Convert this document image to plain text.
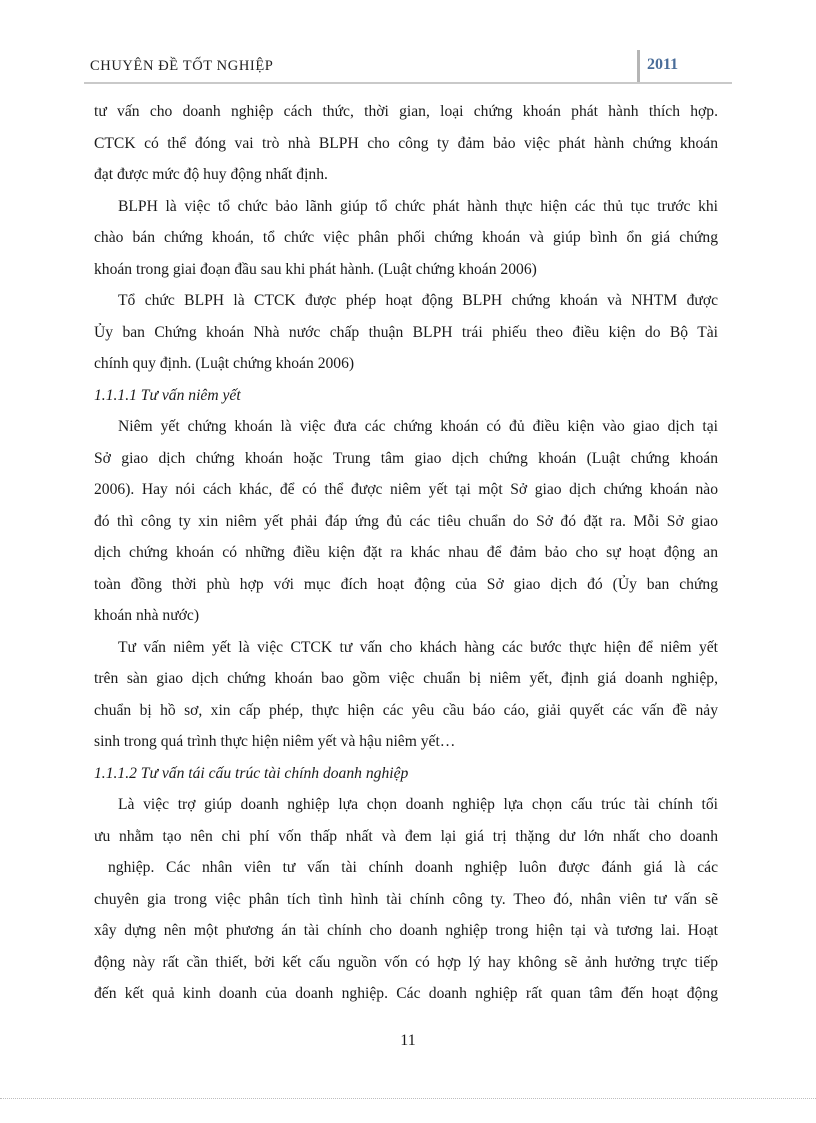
CHUYÊN ĐỀ TỐT NGHIỆP	2011
tư vấn cho doanh nghiệp cách thức, thời gian, loại chứng khoán phát hành thích hợp.
CTCK có thể đóng vai trò nhà BLPH cho công ty đảm bảo việc phát hành chứng khoán
đạt được mức độ huy động nhất định.
BLPH là việc tổ chức bảo lãnh giúp tổ chức phát hành thực hiện các thủ tục trước khi
chào bán chứng khoán, tổ chức việc phân phối chứng khoán và giúp bình ổn giá chứng
khoán trong giai đoạn đầu sau khi phát hành. (Luật chứng khoán 2006)
Tổ chức BLPH là CTCK được phép hoạt động BLPH chứng khoán và NHTM được
Ủy ban Chứng khoán Nhà nước chấp thuận BLPH trái phiếu theo điều kiện do Bộ Tài
chính quy định. (Luật chứng khoán 2006)
1.1.1.1 Tư vấn niêm yết
Niêm yết chứng khoán là việc đưa các chứng khoán có đủ điều kiện vào giao dịch tại
Sở giao dịch chứng khoán hoặc Trung tâm giao dịch chứng khoán (Luật chứng khoán
2006). Hay nói cách khác, để có thể được niêm yết tại một Sở giao dịch chứng khoán nào
đó thì công ty xin niêm yết phải đáp ứng đủ các tiêu chuẩn do Sở đó đặt ra. Mỗi Sở giao
dịch chứng khoán có những điều kiện đặt ra khác nhau để đảm bảo cho sự hoạt động an
toàn đồng thời phù hợp với mục đích hoạt động của Sở giao dịch đó (Ủy ban chứng
khoán nhà nước)
Tư vấn niêm yết là việc CTCK tư vấn cho khách hàng các bước thực hiện để niêm yết
trên sàn giao dịch chứng khoán bao gồm việc chuẩn bị niêm yết, định giá doanh nghiệp,
chuẩn bị hồ sơ, xin cấp phép, thực hiện các yêu cầu báo cáo, giải quyết các vấn đề nảy
sinh trong quá trình thực hiện niêm yết và hậu niêm yết…
1.1.1.2 Tư vấn tái cấu trúc tài chính doanh nghiệp
Là việc trợ giúp doanh nghiệp lựa chọn doanh nghiệp lựa chọn cấu trúc tài chính tối
ưu nhằm tạo nên chi phí vốn thấp nhất và đem lại giá trị thặng dư lớn nhất cho doanh
nghiệp. Các nhân viên tư vấn tài chính doanh nghiệp luôn được đánh giá là các
chuyên gia trong việc phân tích tình hình tài chính công ty. Theo đó, nhân viên tư vấn sẽ
xây dựng nên một phương án tài chính cho doanh nghiệp trong hiện tại và tương lai. Hoạt
động này rất cần thiết, bởi kết cấu nguồn vốn có hợp lý hay không sẽ ảnh hưởng trực tiếp
đến kết quả kinh doanh của doanh nghiệp. Các doanh nghiệp rất quan tâm đến hoạt động
11
